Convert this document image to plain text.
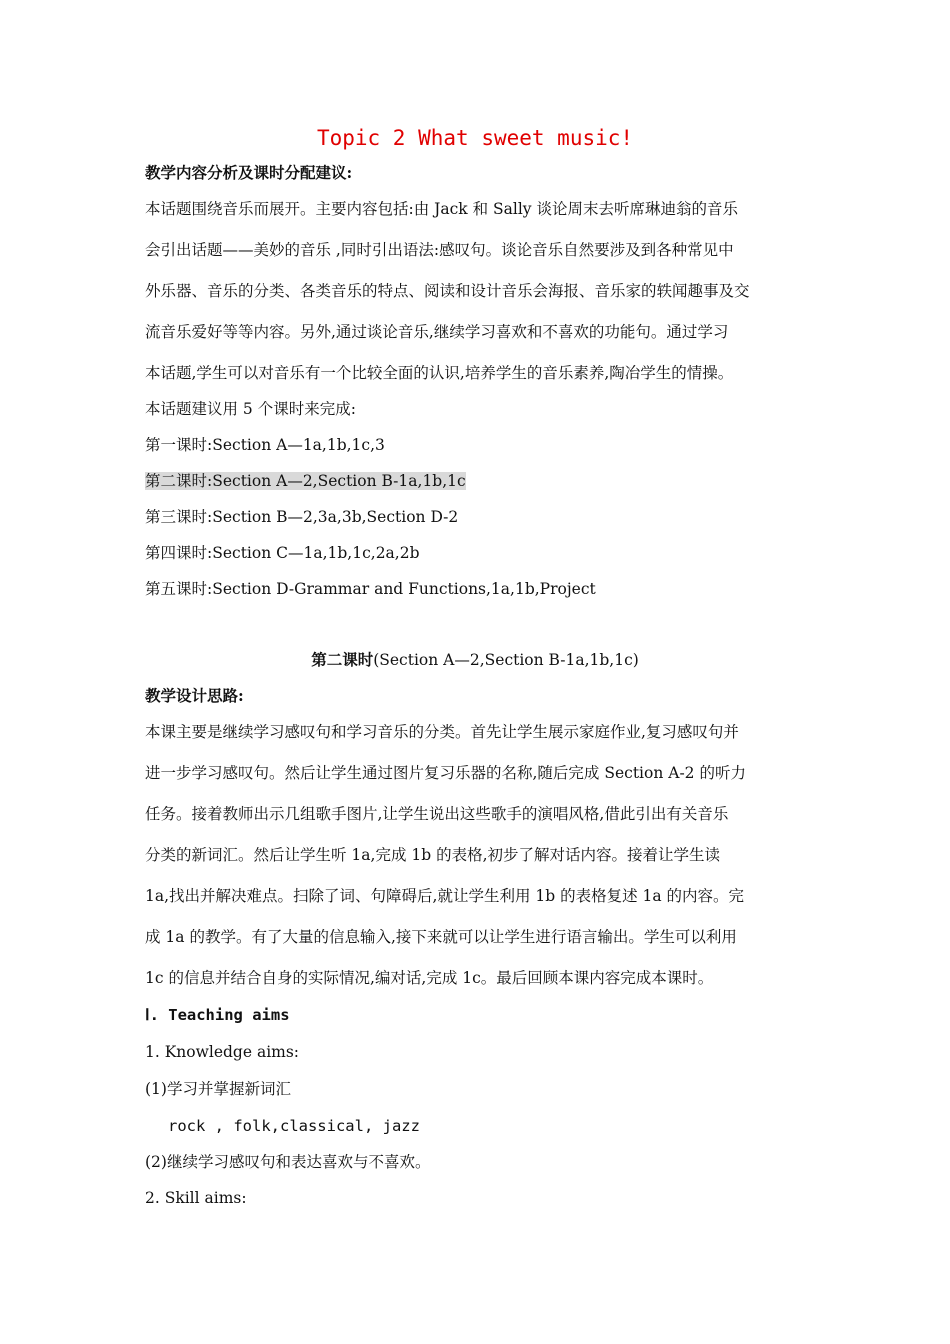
Topic 2 What sweet music!
教学内容分析及课时分配建议:
本话题围绕音乐而展开。主要内容包括:由 Jack 和 Sally 谈论周末去听席琳迪翁的音乐
会引出话题——美妙的音乐 ,同时引出语法:感叹句。谈论音乐自然要涉及到各种常见中
外乐器、音乐的分类、各类音乐的特点、阅读和设计音乐会海报、音乐家的轶闻趣事及交
流音乐爱好等等内容。另外,通过谈论音乐,继续学习喜欢和不喜欢的功能句。通过学习
本话题,学生可以对音乐有一个比较全面的认识,培养学生的音乐素养,陶冶学生的情操。
本话题建议用 5 个课时来完成:
第一课时:Section A—1a,1b,1c,3
第二课时:Section A—2,Section B-1a,1b,1c
第三课时:Section B—2,3a,3b,Section D-2
第四课时:Section C—1a,1b,1c,2a,2b
第五课时:Section D-Grammar and Functions,1a,1b,Project
第二课时(Section A—2,Section B-1a,1b,1c)
教学设计思路:
本课主要是继续学习感叹句和学习音乐的分类。首先让学生展示家庭作业,复习感叹句并
进一步学习感叹句。然后让学生通过图片复习乐器的名称,随后完成 Section A-2 的听力
任务。接着教师出示几组歌手图片,让学生说出这些歌手的演唱风格,借此引出有关音乐
分类的新词汇。然后让学生听 1a,完成 1b 的表格,初步了解对话内容。接着让学生读
1a,找出并解决难点。扫除了词、句障碍后,就让学生利用 1b 的表格复述 1a 的内容。完
成 1a 的教学。有了大量的信息输入,接下来就可以让学生进行语言输出。学生可以利用
1c 的信息并结合自身的实际情况,编对话,完成 1c。最后回顾本课内容完成本课时。
Ⅰ. Teaching aims
1. Knowledge aims:
(1)学习并掌握新词汇
rock , folk,classical, jazz
(2)继续学习感叹句和表达喜欢与不喜欢。
2. Skill aims:
